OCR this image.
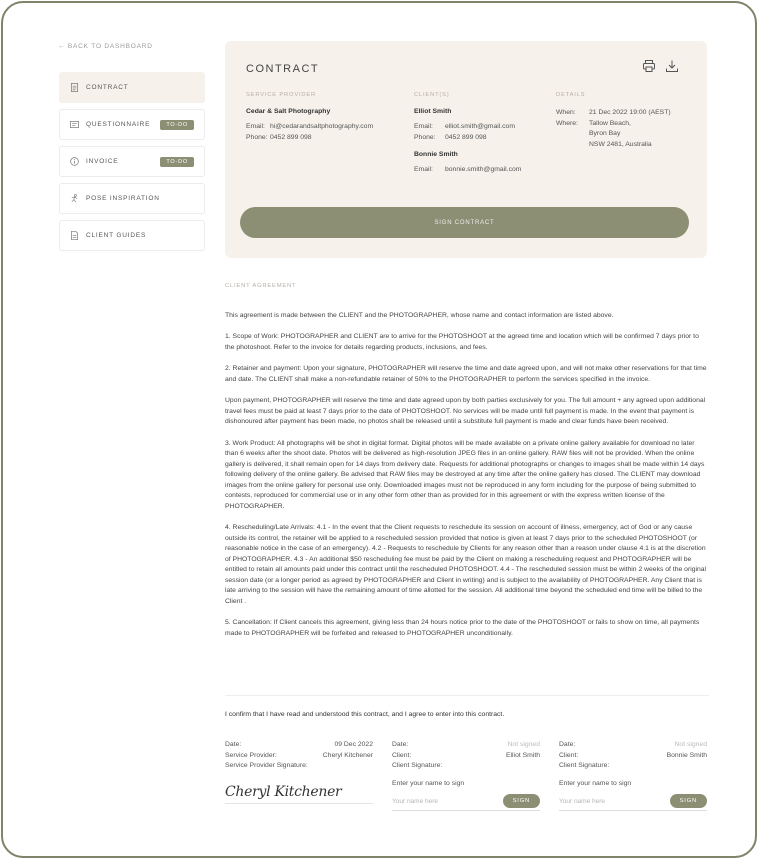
← BACK TO DASHBOARD
CONTRACT
QUESTIONNAIRE	TO-DO
INVOICE	TO-DO
POSE INSPIRATION
CLIENT GUIDES
CONTRACT
SERVICE PROVIDER
Cedar & Salt Photography
Email: hi@cedarandsaltphotography.com
Phone: 0452 899 098
CLIENT(S)
Elliot Smith
Email:	elliot.smith@gmail.com
Phone:	0452 899 098
Bonnie Smith
Email:	bonnie.smith@gmail.com
DETAILS
When:	21 Dec 2022 19:00 (AEST)
Where:	Tallow Beach,
Byron Bay
NSW 2481, Australia
SIGN CONTRACT
CLIENT AGREEMENT

This agreement is made between the CLIENT and the PHOTOGRAPHER, whose name and contact information are listed above.

1. Scope of Work: PHOTOGRAPHER and CLIENT are to arrive for the PHOTOSHOOT at the agreed time and location which will be confirmed 7 days prior to the photoshoot. Refer to the invoice for details regarding products, inclusions, and fees.

2. Retainer and payment: Upon your signature, PHOTOGRAPHER will reserve the time and date agreed upon, and will not make other reservations for that time and date. The CLIENT shall make a non-refundable retainer of 50% to the PHOTOGRAPHER to perform the services specified in the invoice.

Upon payment, PHOTOGRAPHER will reserve the time and date agreed upon by both parties exclusively for you. The full amount + any agreed upon additional travel fees must be paid at least 7 days prior to the date of PHOTOSHOOT. No services will be made until full payment is made. In the event that payment is dishonoured after payment has been made, no photos shall be released until a substitute full payment is made and clear funds have been received.

3. Work Product: All photographs will be shot in digital format. Digital photos will be made available on a private online gallery available for download no later than 6 weeks after the shoot date. Photos will be delivered as high-resolution JPEG files in an online gallery. RAW files will not be provided. When the online gallery is delivered, it shall remain open for 14 days from delivery date. Requests for additional photographs or changes to images shall be made within 14 days following delivery of the online gallery. Be advised that RAW files may be destroyed at any time after the online gallery has closed. The CLIENT may download images from the online gallery for personal use only. Downloaded images must not be reproduced in any form including for the purpose of being submitted to contests, reproduced for commercial use or in any other form other than as provided for in this agreement or with the express written license of the PHOTOGRAPHER.

4. Rescheduling/Late Arrivals: 4.1 - In the event that the Client requests to reschedule its session on account of illness, emergency, act of God or any cause outside its control, the retainer will be applied to a rescheduled session provided that notice is given at least 7 days prior to the scheduled PHOTOSHOOT (or reasonable notice in the case of an emergency). 4.2 - Requests to reschedule by Clients for any reason other than a reason under clause 4.1 is at the discretion of PHOTOGRAPHER. 4.3 - An additional $50 rescheduling fee must be paid by the Client on making a rescheduling request and PHOTOGRAPHER will be entitled to retain all amounts paid under this contract until the rescheduled PHOTOSHOOT. 4.4 - The rescheduled session must be within 2 weeks of the original session date (or a longer period as agreed by PHOTOGRAPHER and Client in writing) and is subject to the availability of PHOTOGRAPHER. Any Client that is late arriving to the session will have the remaining amount of time allotted for the session. All additional time beyond the scheduled end time will be billed to the Client .

5. Cancellation: If Client cancels this agreement, giving less than 24 hours notice prior to the date of the PHOTOSHOOT or fails to show on time, all payments made to PHOTOGRAPHER will be forfeited and released to PHOTOGRAPHER unconditionally.

I confirm that I have read and understood this contract, and I agree to enter into this contract.
Date:	09 Dec 2022
Service Provider:	Cheryl Kitchener
Service Provider Signature:
Cheryl Kitchener
Date:	Not signed
Client:	Elliot Smith
Client Signature:
Enter your name to sign
Your name here
SIGN
Date:	Not signed
Client:	Bonnie Smith
Client Signature:
Enter your name to sign
Your name here
SIGN
